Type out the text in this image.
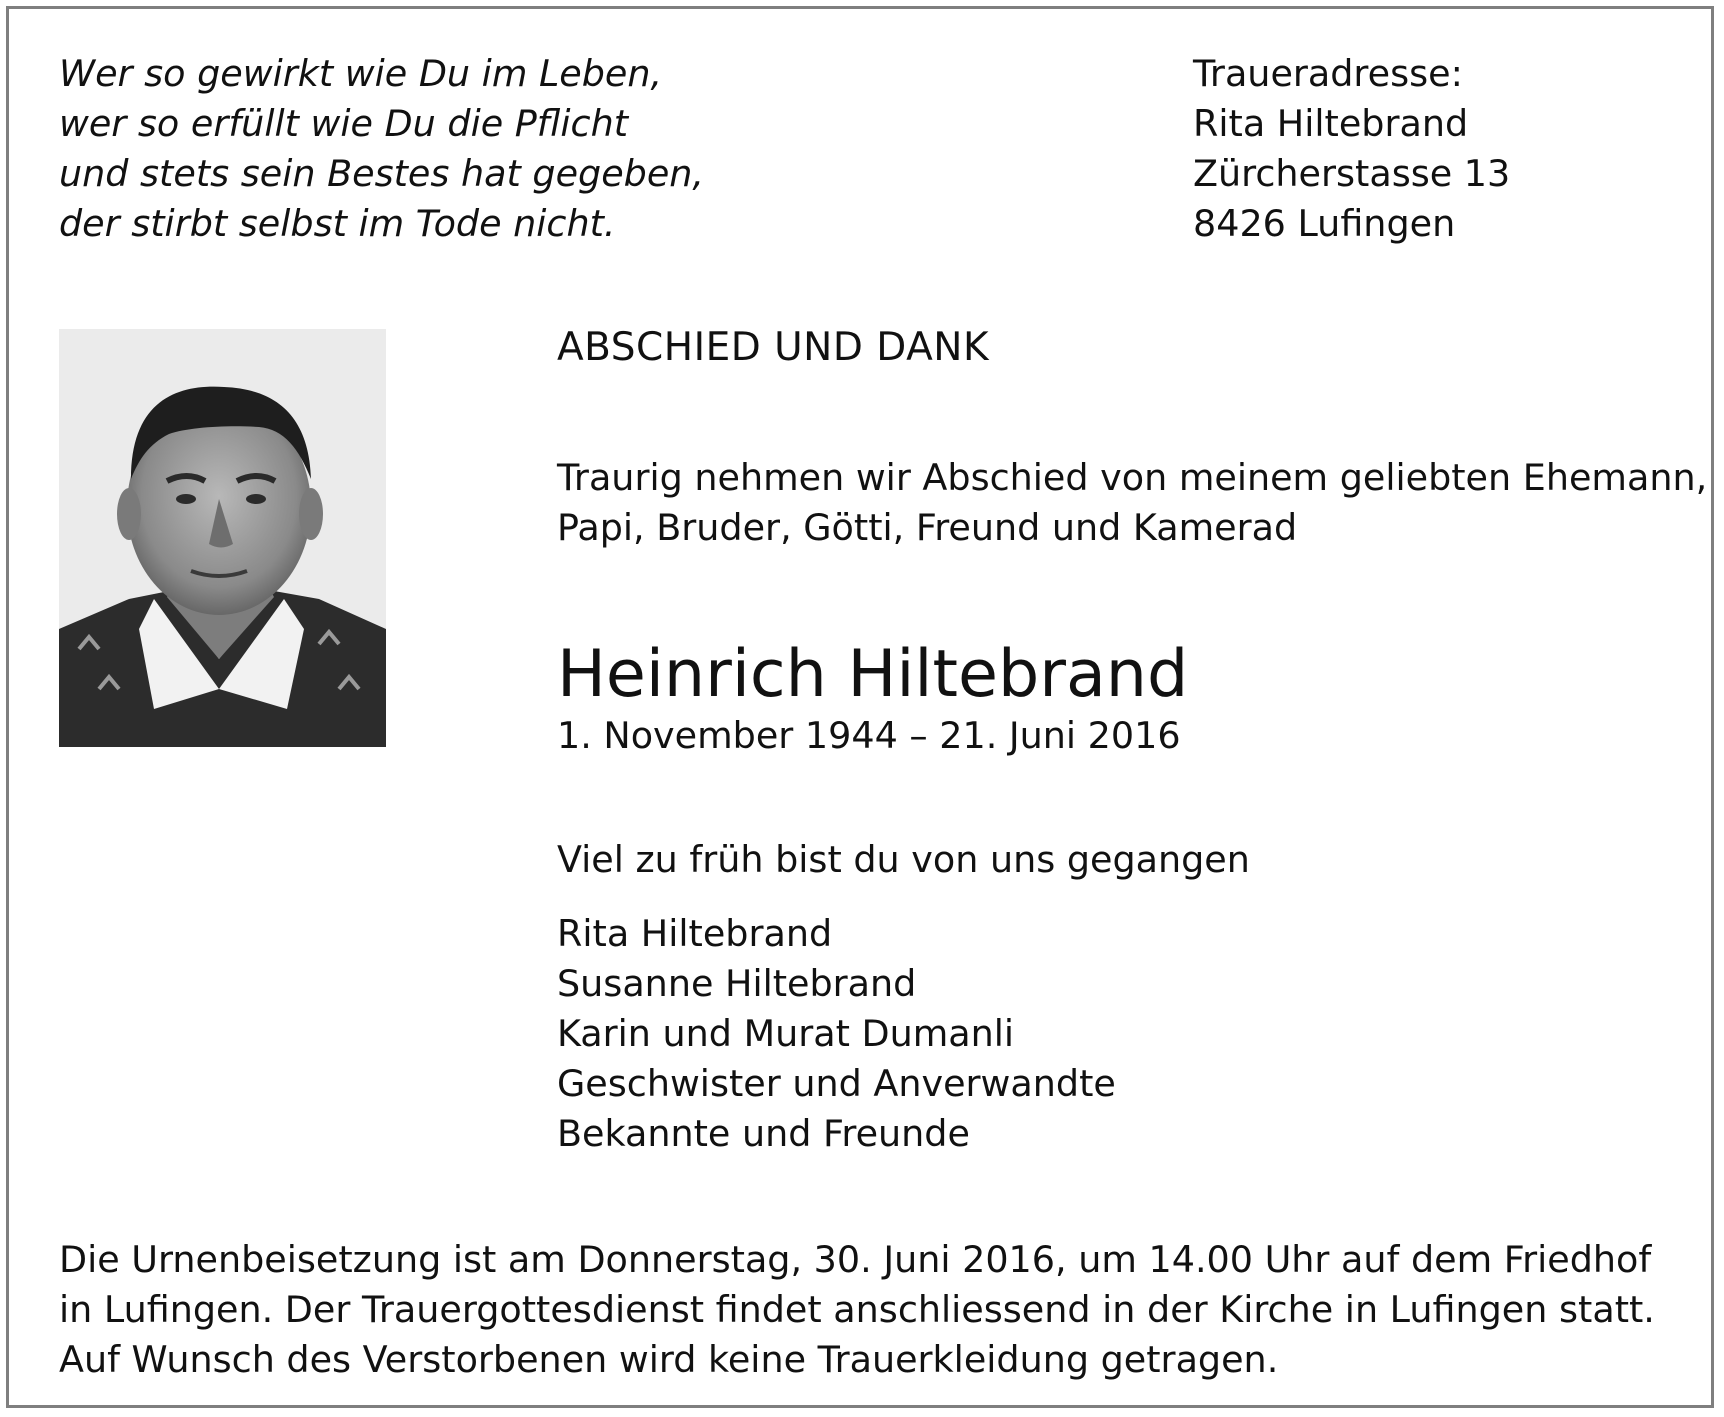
Wer so gewirkt wie Du im Leben,
wer so erfüllt wie Du die Pflicht
und stets sein Bestes hat gegeben,
der stirbt selbst im Tode nicht.
Traueradresse:
Rita Hiltebrand
Zürcherstasse 13
8426 Lufingen
ABSCHIED UND DANK
Traurig nehmen wir Abschied von meinem geliebten Ehemann,
Papi, Bruder, Götti, Freund und Kamerad
Heinrich Hiltebrand
1. November 1944 – 21. Juni 2016
Viel zu früh bist du von uns gegangen
Rita Hiltebrand
Susanne Hiltebrand
Karin und Murat Dumanli
Geschwister und Anverwandte
Bekannte und Freunde
Die Urnenbeisetzung ist am Donnerstag, 30. Juni 2016, um 14.00 Uhr auf dem Friedhof
in Lufingen. Der Trauergottesdienst findet anschliessend in der Kirche in Lufingen statt.
Auf Wunsch des Verstorbenen wird keine Trauerkleidung getragen.
